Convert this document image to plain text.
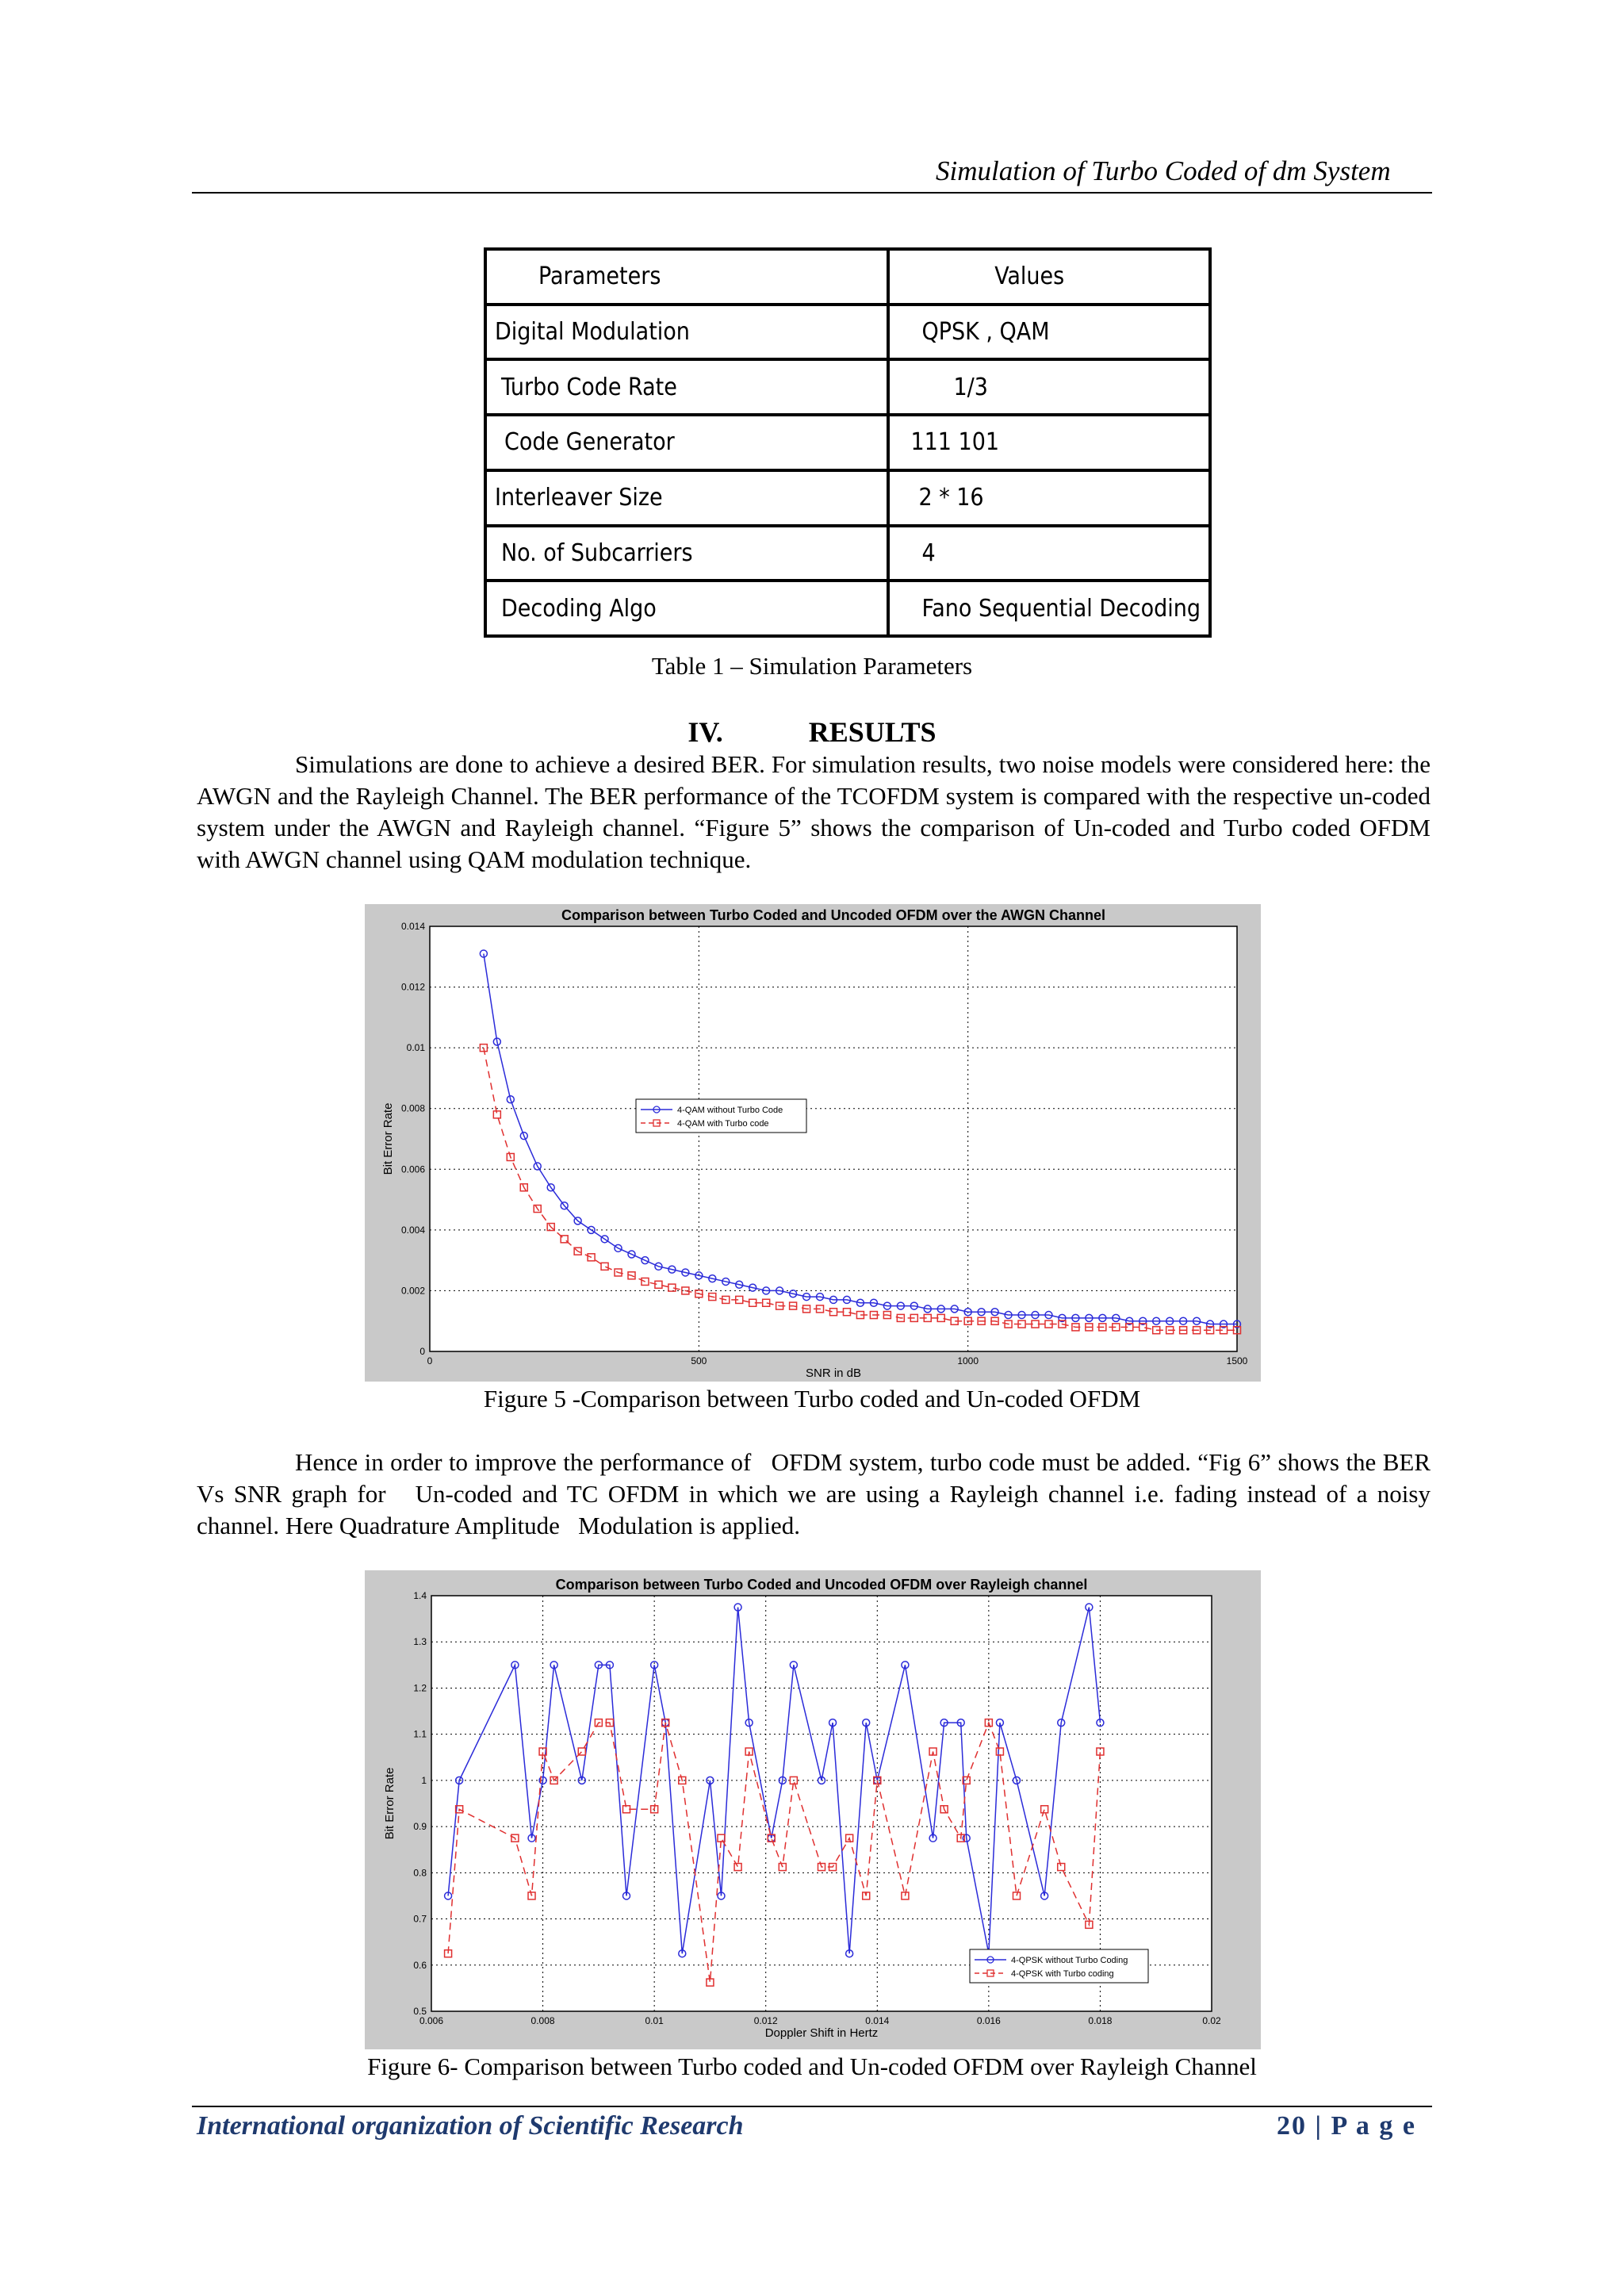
Simulation of Turbo Coded of dm System
Parameters	Values
Digital Modulation	QPSK , QAM
Turbo Code Rate	1/3
Code Generator	111 101
Interleaver Size	2 * 16
No. of Subcarriers	4
Decoding Algo	Fano Sequential Decoding
Table 1 – Simulation Parameters
IV.	RESULTS
Simulations are done to achieve a desired BER. For simulation results, two noise models were considered here: the AWGN and the Rayleigh Channel. The BER performance of the TCOFDM system is compared with the respective un-coded system under the AWGN and Rayleigh channel. “Figure 5” shows the comparison of Un-coded and Turbo coded OFDM with AWGN channel using QAM modulation technique.
Comparison between Turbo Coded and Uncoded OFDM over the AWGN Channel
0	500	1000	1500
0
0.002
0.004
0.006
0.008
0.01
0.012
0.014
SNR in dB
Bit Error Rate	4-QAM without Turbo Code
4-QAM with Turbo code
Figure 5 -Comparison between Turbo coded and Un-coded OFDM
Hence in order to improve the performance of   OFDM system, turbo code must be added. “Fig 6” shows the BER Vs SNR graph for   Un-coded and TC OFDM in which we are using a Rayleigh channel i.e. fading instead of a noisy channel. Here Quadrature Amplitude   Modulation is applied.
Comparison between Turbo Coded and Uncoded OFDM over Rayleigh channel
0.006	0.008	0.01	0.012	0.014	0.016	0.018	0.02
0.5
0.6
0.7
0.8
0.9
1
1.1
1.2
1.3
1.4
Doppler Shift in Hertz
Bit Error Rate
4-QPSK without Turbo Coding
4-QPSK with Turbo coding
Figure 6- Comparison between Turbo coded and Un-coded OFDM over Rayleigh Channel
International organization of Scientific Research	20 | P a g e
